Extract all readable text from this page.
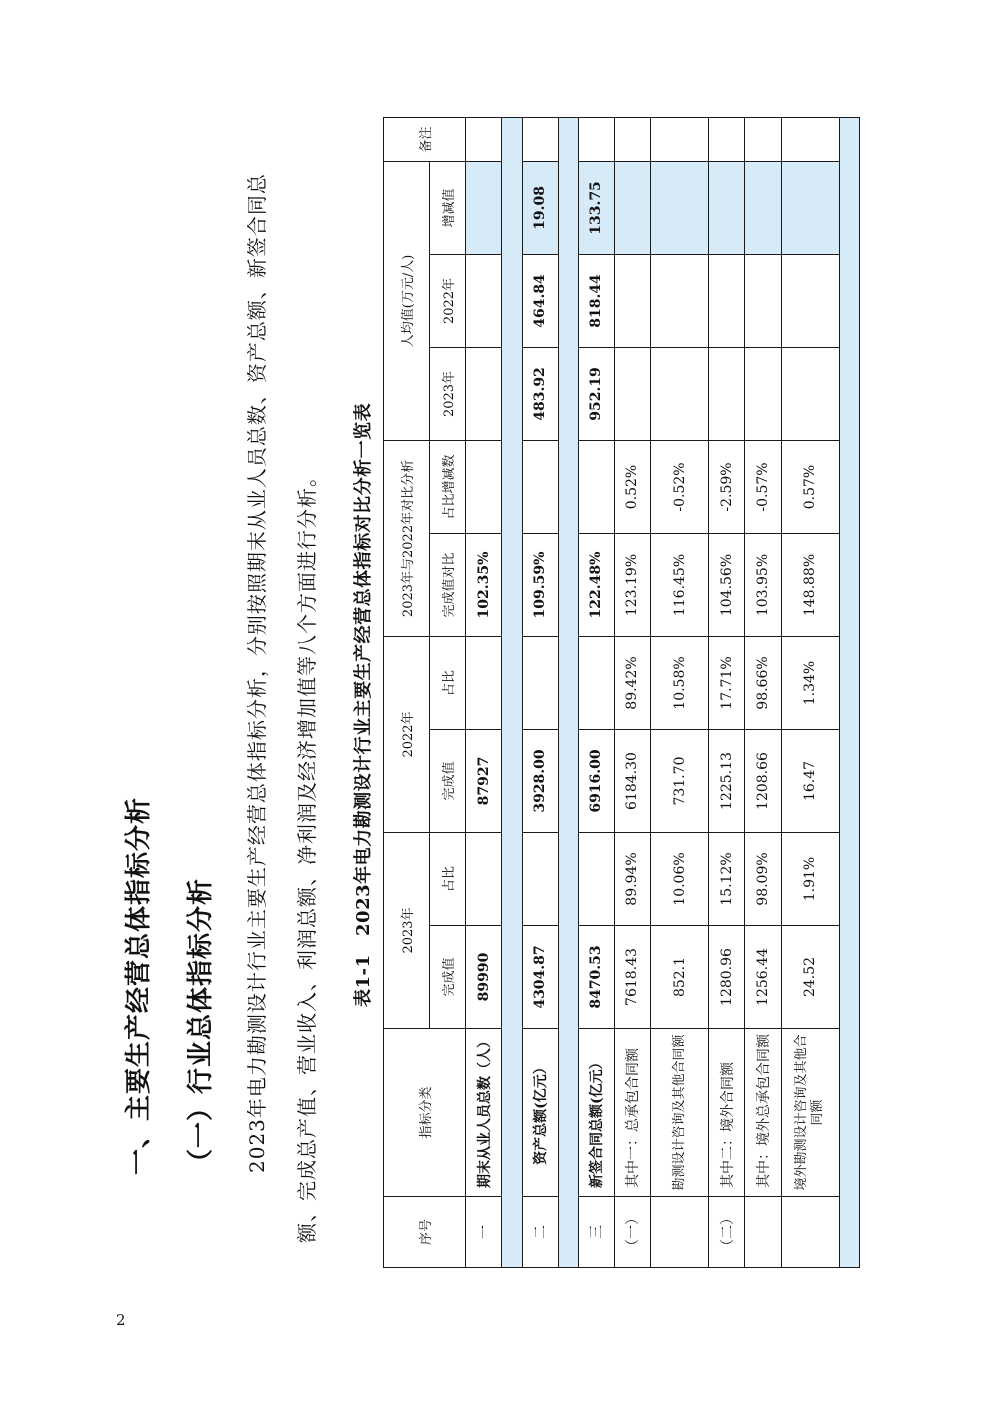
2
一、主要生产经营总体指标分析 （一）行业总体指标分析	2023年电力勘测设计行业主要生产经营总体指标分析，分别按照期末从业人员总数、资产总额、新签合同总额、完成总产值、营业收入、利润总额、净利润及经济增加值等八个方面进行分析。	表1-1　2023年电力勘测设计行业主要生产经营总体指标对比分析一览表
序号	指标分类	2023年		2022年		2023年与2022年对比分析		人均值(万元/人)			备注
		完成值	占比	完成值	占比	完成值对比	占比增减数	2023年	2022年	增减值	
一	期末从业人员总数（人）	89990		87927		102.35%					

二	资产总额(亿元）	4304.87		3928.00		109.59%		483.92	464.84	19.08	

三	新签合同总额(亿元）	8470.53		6916.00		122.48%		952.19	818.44	133.75	
（一）	其中一：总承包合同额	7618.43	89.94%	6184.30	89.42%	123.19%	0.52%				
	勘测设计咨询及其他合同额	852.1	10.06%	731.70	10.58%	116.45%	-0.52%				
（二）	其中二：境外合同额	1280.96	15.12%	1225.13	17.71%	104.56%	-2.59%				
	其中：境外总承包合同额	1256.44	98.09%	1208.66	98.66%	103.95%	-0.57%				
	境外勘测设计咨询及其他合同额	24.52	1.91%	16.47	1.34%	148.88%	0.57%				
